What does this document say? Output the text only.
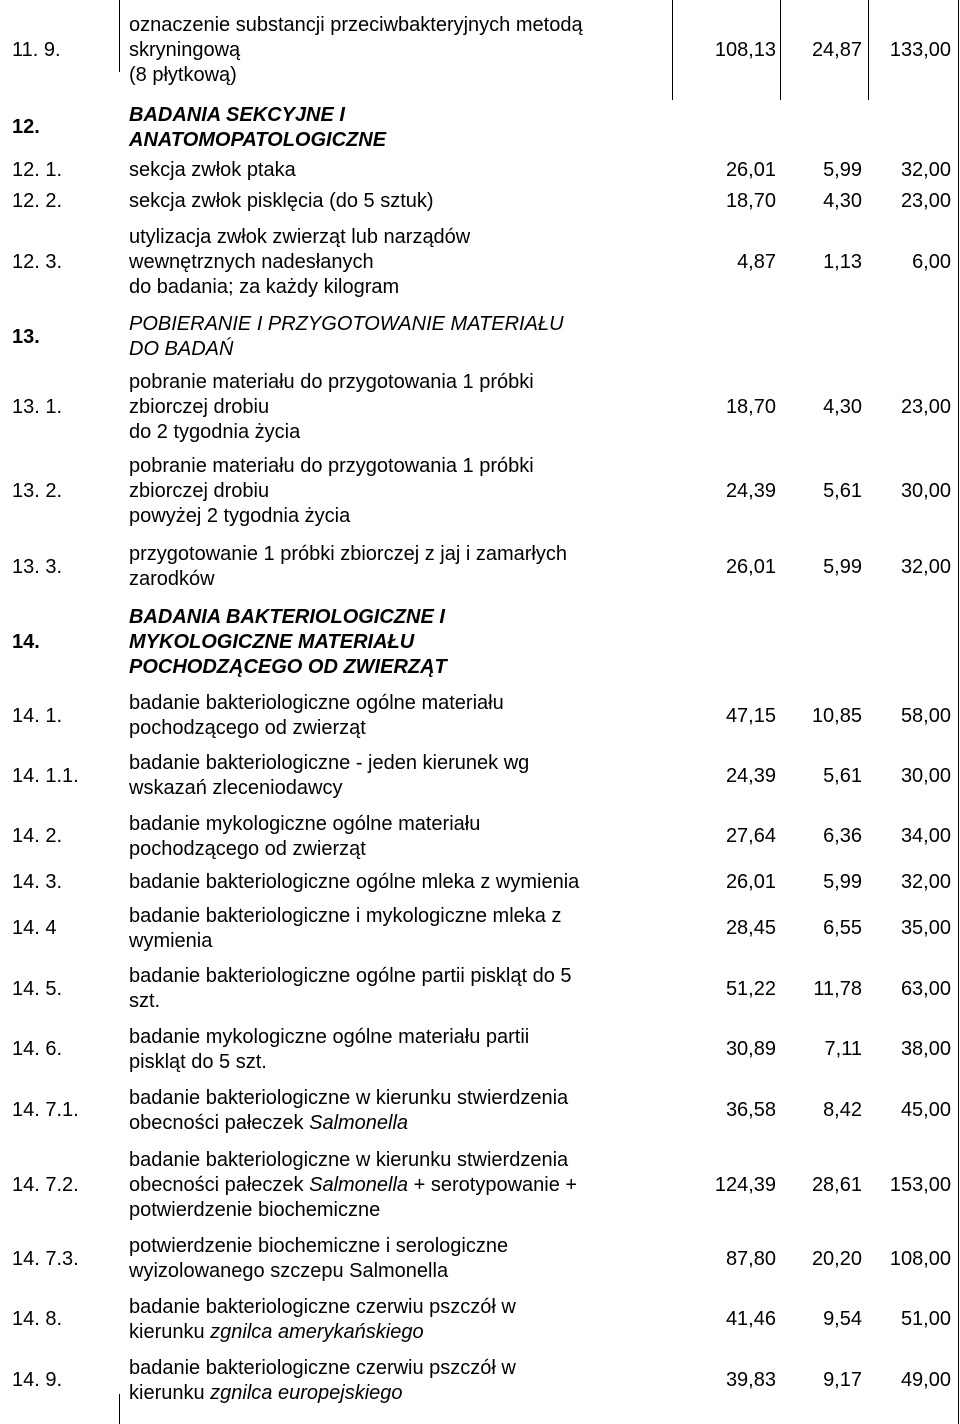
11. 9.	oznaczenie substancji przeciwbakteryjnych metodą
skryningową
(8 płytkową)	108,13	24,87	133,00
12.	BADANIA SEKCYJNE I
ANATOMOPATOLOGICZNE			

12. 1.	sekcja zwłok ptaka	26,01	5,99	32,00
12. 2.	sekcja zwłok pisklęcia (do 5 sztuk)	18,70	4,30	23,00
12. 3.	utylizacja zwłok zwierząt lub narządów
wewnętrznych nadesłanych
do badania; za każdy kilogram	4,87	1,13	6,00
13.	POBIERANIE I PRZYGOTOWANIE MATERIAŁU
DO BADAŃ			

13. 1.	pobranie materiału do przygotowania 1 próbki
zbiorczej drobiu
do 2 tygodnia życia	18,70	4,30	23,00
13. 2.	pobranie materiału do przygotowania 1 próbki
zbiorczej drobiu
powyżej 2 tygodnia życia	24,39	5,61	30,00
13. 3.	przygotowanie 1 próbki zbiorczej z jaj i zamarłych
zarodków	26,01	5,99	32,00
14.	BADANIA BAKTERIOLOGICZNE I
MYKOLOGICZNE MATERIAŁU
POCHODZĄCEGO OD ZWIERZĄT			

14. 1.	badanie bakteriologiczne ogólne materiału
pochodzącego od zwierząt	47,15	10,85	58,00
14. 1.1.	badanie bakteriologiczne - jeden kierunek wg
wskazań zleceniodawcy	24,39	5,61	30,00
14. 2.	badanie mykologiczne ogólne materiału
pochodzącego od zwierząt	27,64	6,36	34,00
14. 3.	badanie bakteriologiczne ogólne mleka z wymienia	26,01	5,99	32,00
14. 4	badanie bakteriologiczne i mykologiczne mleka z
wymienia	28,45	6,55	35,00
14. 5.	badanie bakteriologiczne ogólne partii piskląt do 5
szt.	51,22	11,78	63,00
14. 6.	badanie mykologiczne ogólne materiału partii
piskląt do 5 szt.	30,89	7,11	38,00
14. 7.1.	badanie bakteriologiczne w kierunku stwierdzenia
obecności pałeczek Salmonella	36,58	8,42	45,00
14. 7.2.	badanie bakteriologiczne w kierunku stwierdzenia
obecności pałeczek Salmonella + serotypowanie +
potwierdzenie biochemiczne	124,39	28,61	153,00
14. 7.3.	potwierdzenie biochemiczne i serologiczne
wyizolowanego szczepu Salmonella	87,80	20,20	108,00
14. 8.	badanie bakteriologiczne czerwiu pszczół w
kierunku zgnilca amerykańskiego	41,46	9,54	51,00
14. 9.	badanie bakteriologiczne czerwiu pszczół w
kierunku zgnilca europejskiego	39,83	9,17	49,00
